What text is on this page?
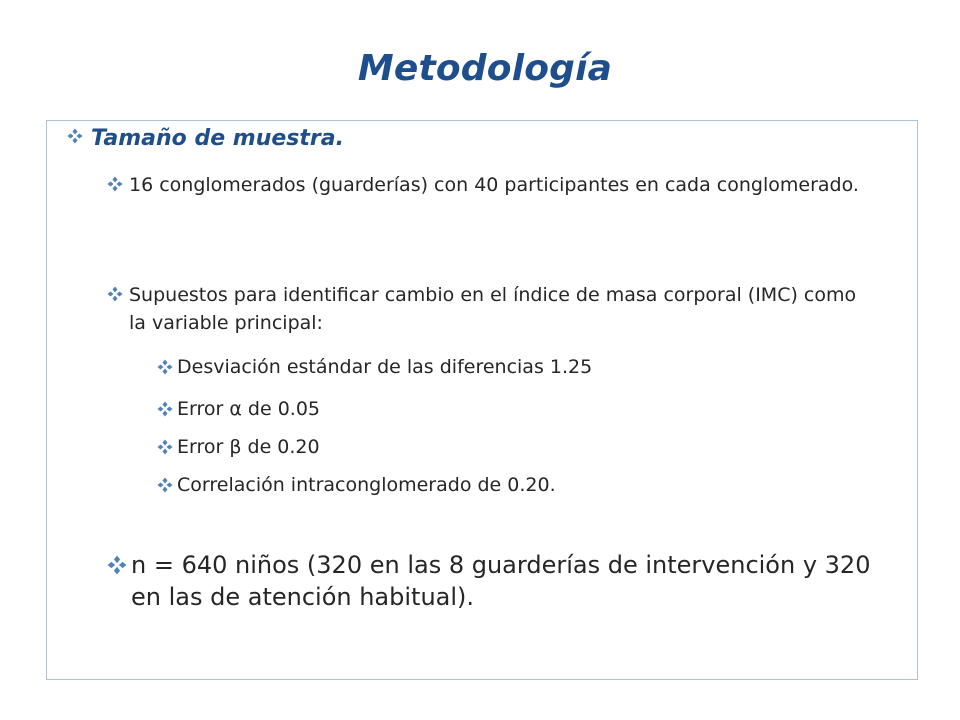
Metodología
Tamaño de muestra.
16 conglomerados (guarderías) con 40 participantes en cada conglomerado.
Supuestos para identificar cambio en el índice de masa corporal (IMC) como la variable principal:
Desviación estándar de las diferencias 1.25
Error α de 0.05
Error β de 0.20
Correlación intraconglomerado de 0.20.
n = 640 niños (320 en las 8 guarderías de intervención y 320 en las de atención habitual).
